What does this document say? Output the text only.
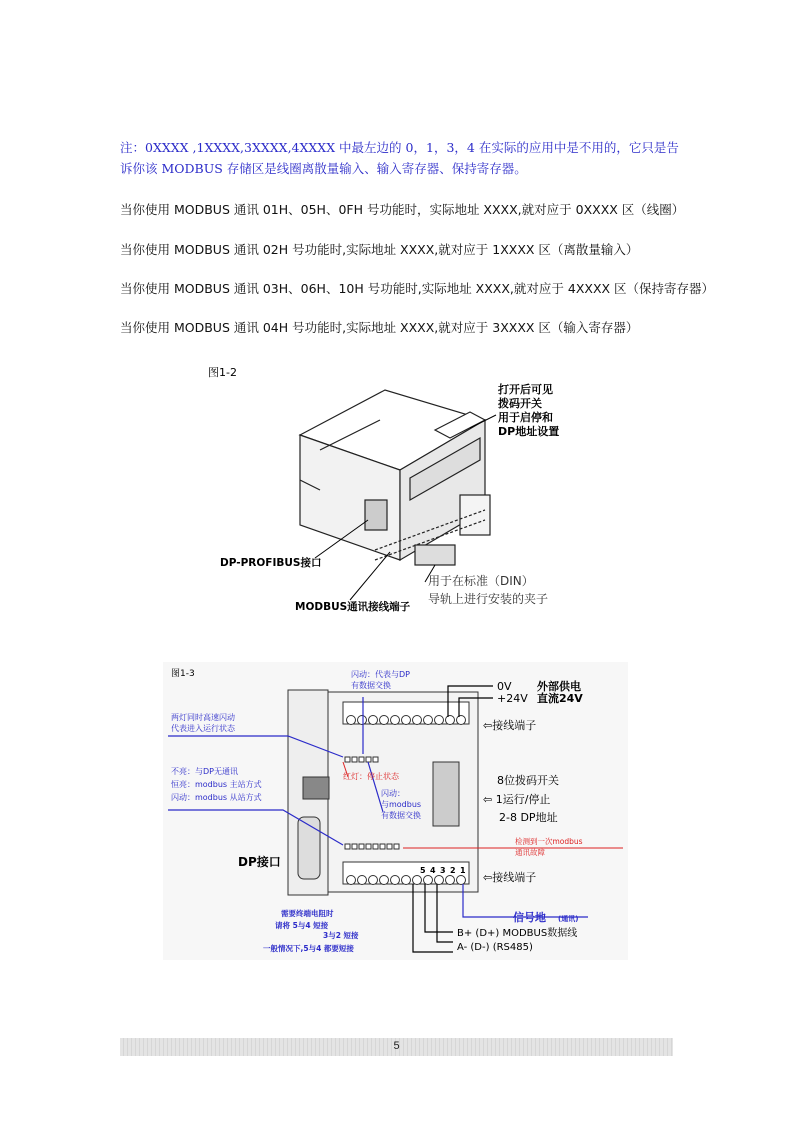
注：0XXXX ,1XXXX,3XXXX,4XXXX 中最左边的 0，1，3，4 在实际的应用中是不用的，它只是告诉你该 MODBUS 存储区是线圈离散量输入、输入寄存器、保持寄存器。
当你使用 MODBUS 通讯 01H、05H、0FH 号功能时，实际地址 XXXX,就对应于 0XXXX 区（线圈）
当你使用 MODBUS 通讯 02H 号功能时,实际地址 XXXX,就对应于 1XXXX 区（离散量输入）
当你使用 MODBUS 通讯 03H、06H、10H 号功能时,实际地址 XXXX,就对应于 4XXXX 区（保持寄存器）
当你使用 MODBUS 通讯 04H 号功能时,实际地址 XXXX,就对应于 3XXXX 区（输入寄存器）
图1-2
打开后可见
拨码开关
用于启停和
DP地址设置
DP-PROFIBUS接口
用于在标准（DIN）
导轨上进行安装的夹子
MODBUS通讯接线端子
图1-3	闪动：代表与DP
有数据交换
两灯同时高速闪动
代表进入运行状态
不亮：与DP无通讯
恒亮：modbus 主站方式
闪动：modbus 从站方式	闪动：
与modbus
有数据交换
红灯：停止状态
检测到一次modbus
通讯故障
0V
+24V
外部供电
直流24V
⇦接线端子
8位拨码开关
⇦ 1运行/停止
2-8 DP地址
⇦接线端子
DP接口
5 4 3 2 1
信号地 (通讯)
需要终端电阻时
请将 5与4 短接
3与2 短接
一般情况下,5与4 都要短接
B+ (D+) MODBUS数据线
A- (D-) (RS485)
5
